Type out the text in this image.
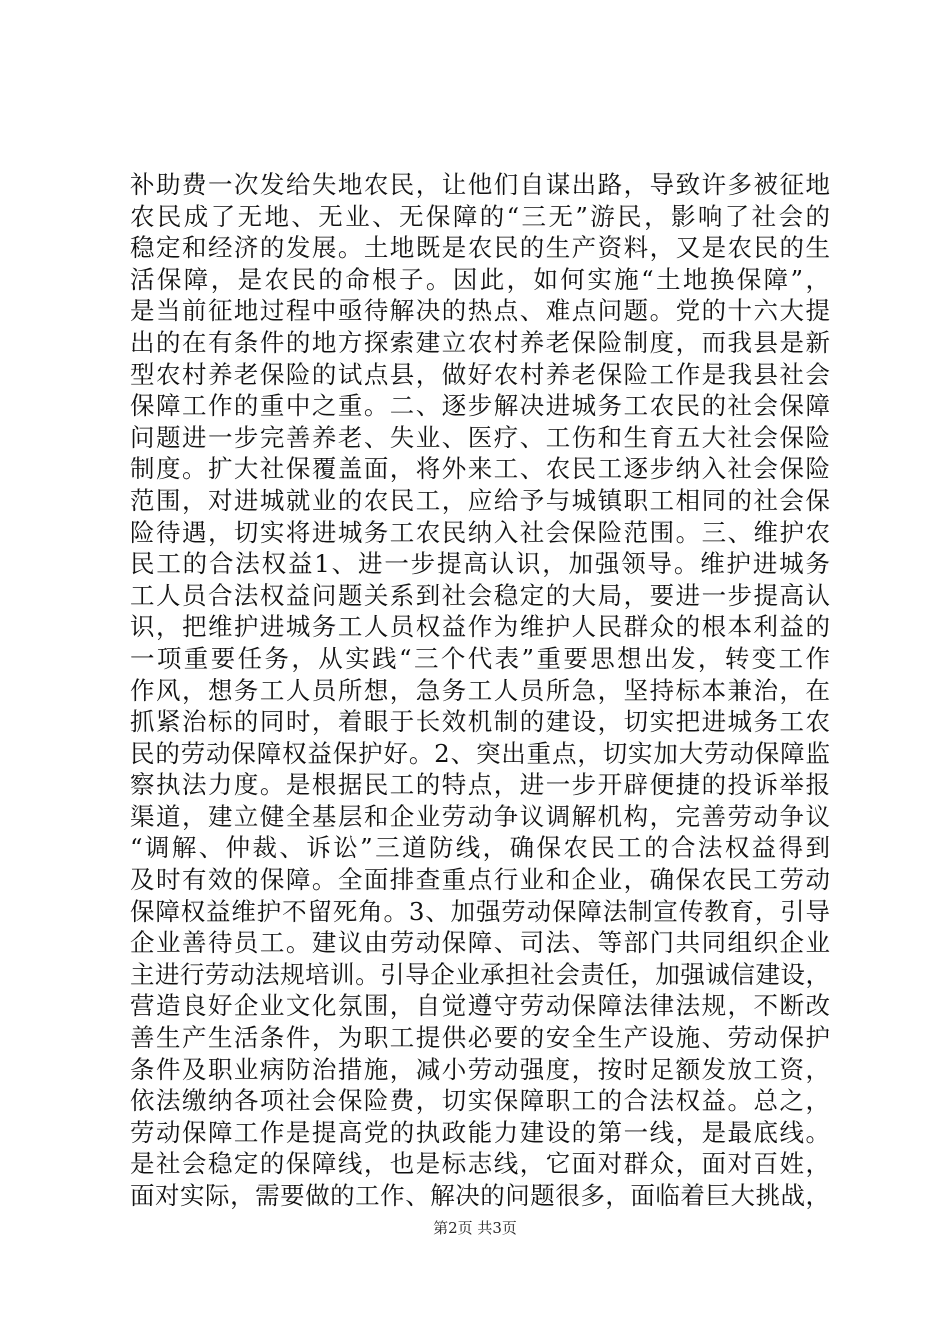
补助费一次发给失地农民，让他们自谋出路，导致许多被征地
农民成了无地、无业、无保障的“三无”游民，影响了社会的
稳定和经济的发展。土地既是农民的生产资料，又是农民的生
活保障，是农民的命根子。因此，如何实施“土地换保障”，
是当前征地过程中亟待解决的热点、难点问题。党的十六大提
出的在有条件的地方探索建立农村养老保险制度，而我县是新
型农村养老保险的试点县，做好农村养老保险工作是我县社会
保障工作的重中之重。二、逐步解决进城务工农民的社会保障
问题进一步完善养老、失业、医疗、工伤和生育五大社会保险
制度。扩大社保覆盖面，将外来工、农民工逐步纳入社会保险
范围，对进城就业的农民工，应给予与城镇职工相同的社会保
险待遇，切实将进城务工农民纳入社会保险范围。三、维护农
民工的合法权益1、进一步提高认识，加强领导。维护进城务
工人员合法权益问题关系到社会稳定的大局，要进一步提高认
识，把维护进城务工人员权益作为维护人民群众的根本利益的
一项重要任务，从实践“三个代表”重要思想出发，转变工作
作风，想务工人员所想，急务工人员所急，坚持标本兼治，在
抓紧治标的同时，着眼于长效机制的建设，切实把进城务工农
民的劳动保障权益保护好。2、突出重点，切实加大劳动保障监
察执法力度。是根据民工的特点，进一步开辟便捷的投诉举报
渠道，建立健全基层和企业劳动争议调解机构，完善劳动争议
“调解、仲裁、诉讼”三道防线，确保农民工的合法权益得到
及时有效的保障。全面排查重点行业和企业，确保农民工劳动
保障权益维护不留死角。3、加强劳动保障法制宣传教育，引导
企业善待员工。建议由劳动保障、司法、等部门共同组织企业
主进行劳动法规培训。引导企业承担社会责任，加强诚信建设，
营造良好企业文化氛围，自觉遵守劳动保障法律法规，不断改
善生产生活条件，为职工提供必要的安全生产设施、劳动保护
条件及职业病防治措施，减小劳动强度，按时足额发放工资，
依法缴纳各项社会保险费，切实保障职工的合法权益。总之，
劳动保障工作是提高党的执政能力建设的第一线，是最底线。
是社会稳定的保障线，也是标志线，它面对群众，面对百姓，
面对实际，需要做的工作、解决的问题很多，面临着巨大挑战，
第2页 共3页
